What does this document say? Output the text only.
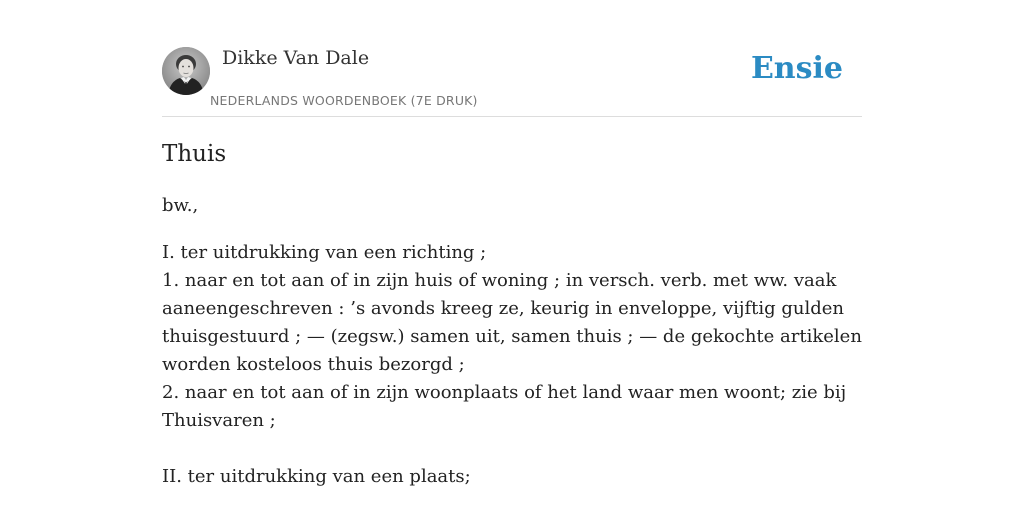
Dikke Van Dale
NEDERLANDS WOORDENBOEK (7E DRUK)
Ensie
Thuis
bw.,
I. ter uitdrukking van een richting ;
1. naar en tot aan of in zijn huis of woning ; in versch. verb. met ww. vaak
aaneengeschreven : ’s avonds kreeg ze, keurig in enveloppe, vijftig gulden
thuisgestuurd ; — (zegsw.) samen uit, samen thuis ; — de gekochte artikelen
worden kosteloos thuis bezorgd ;
2. naar en tot aan of in zijn woonplaats of het land waar men woont; zie bij
Thuisvaren ;
II. ter uitdrukking van een plaats;
